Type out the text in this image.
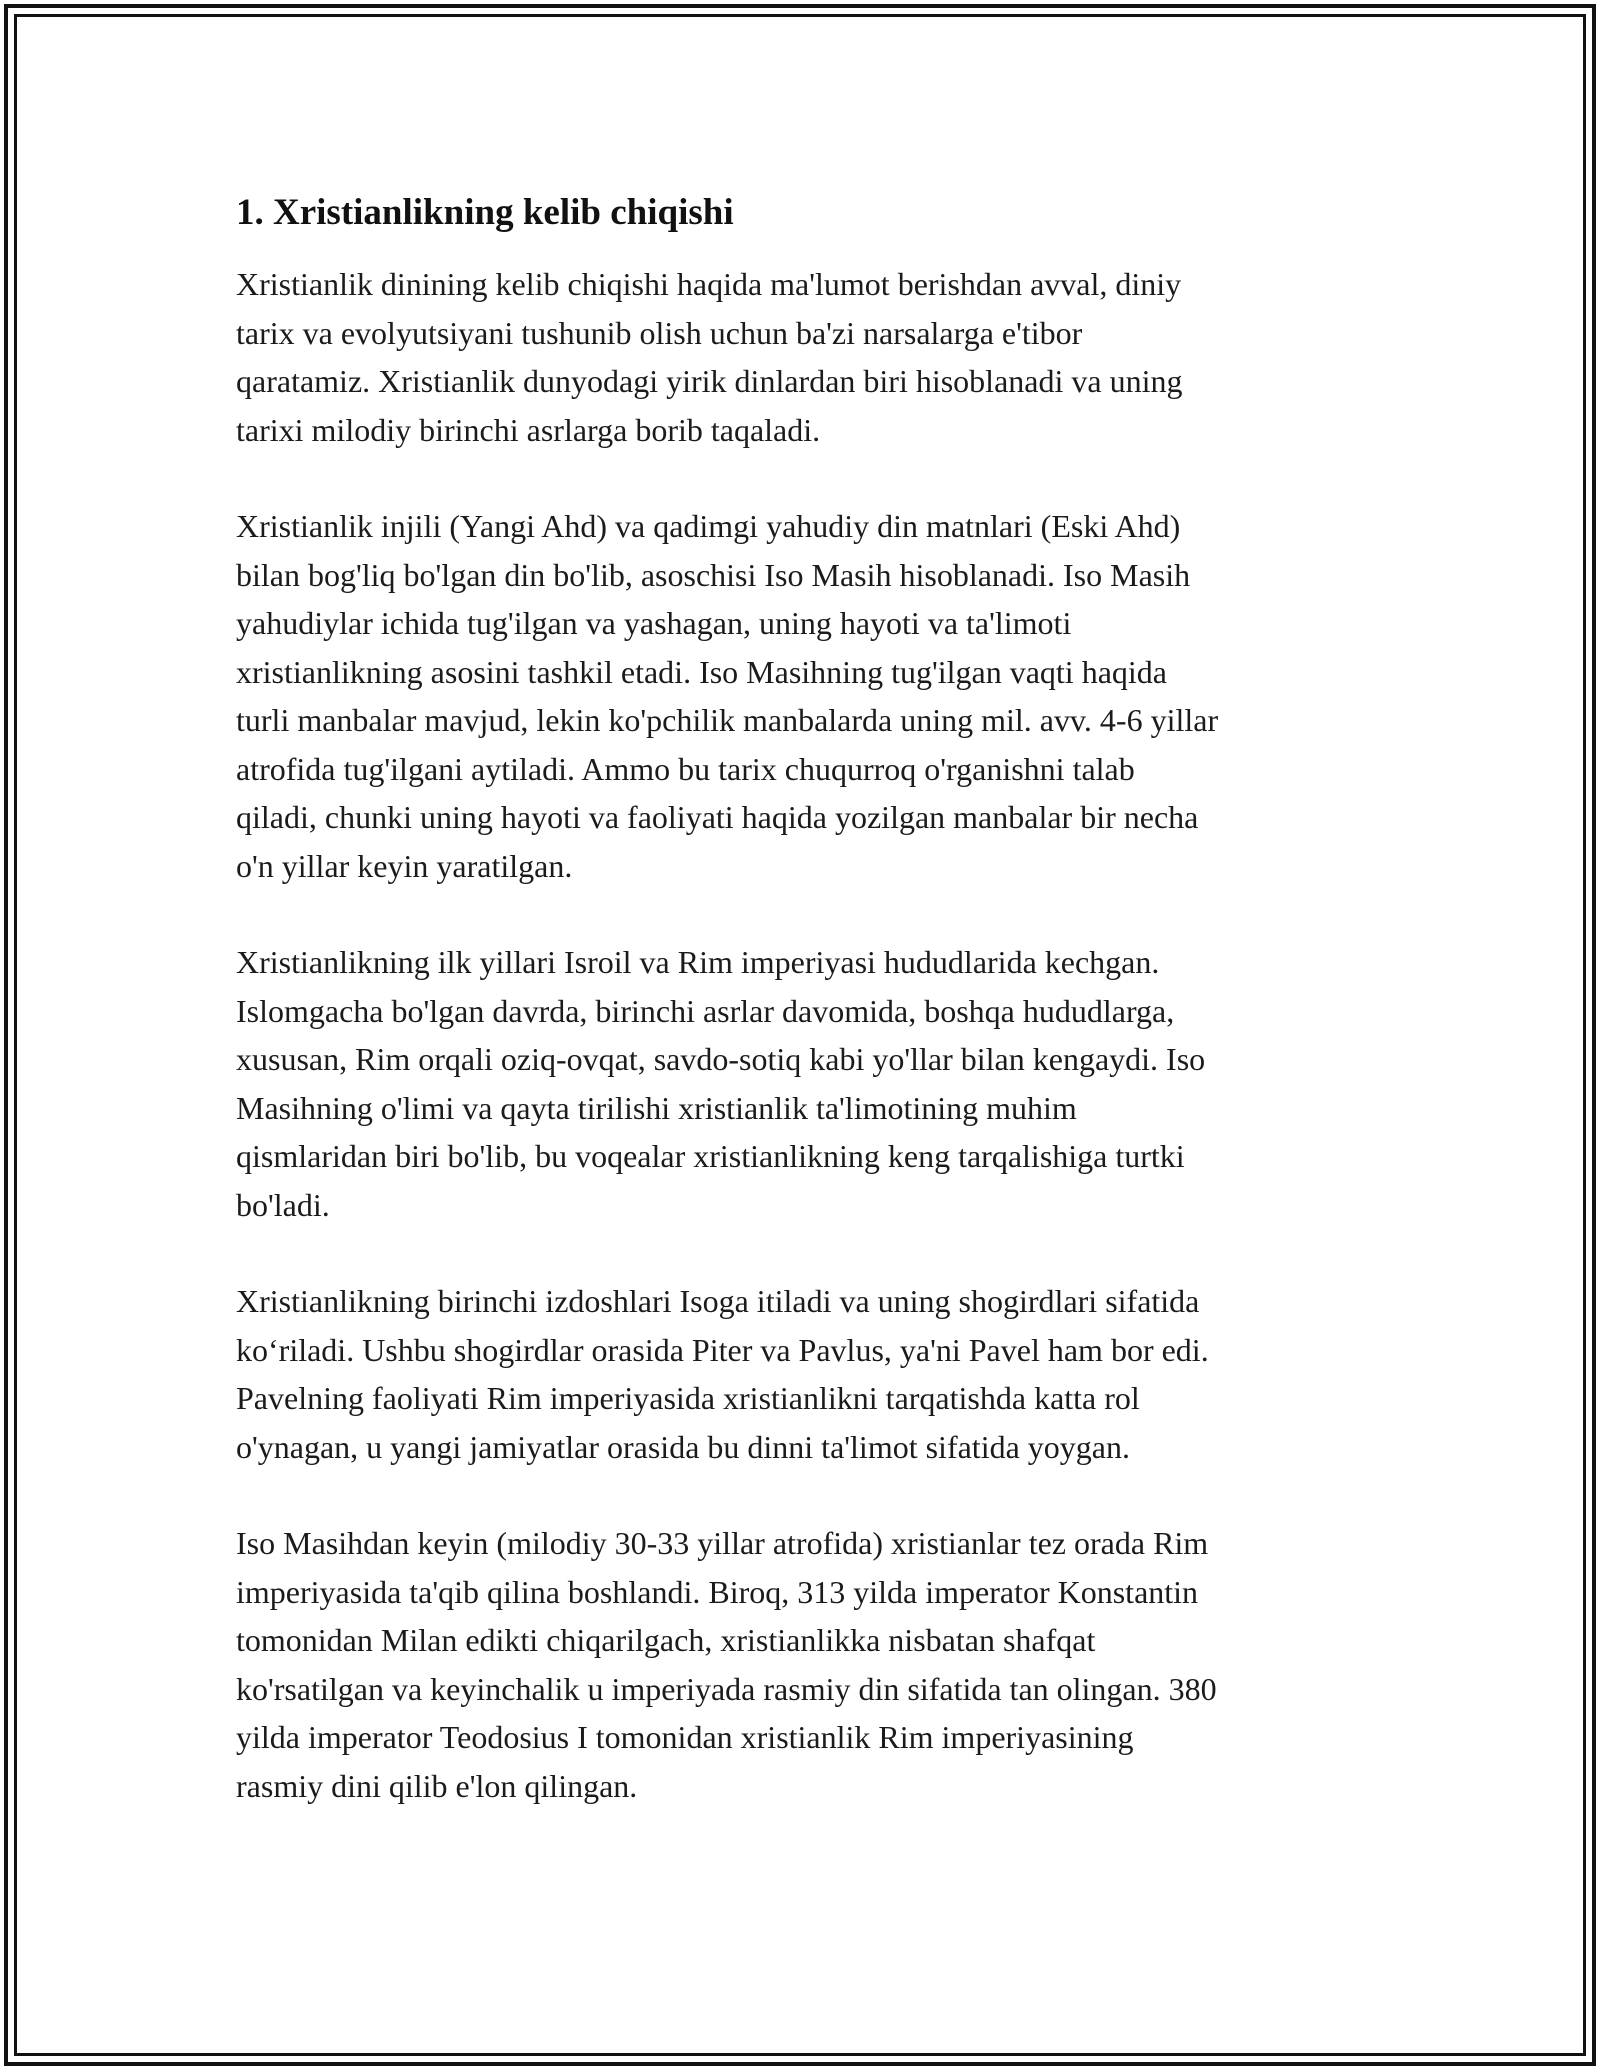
1. Xristianlikning kelib chiqishi

Xristianlik dinining kelib chiqishi haqida ma'lumot berishdan avval, diniy
tarix va evolyutsiyani tushunib olish uchun ba'zi narsalarga e'tibor
qaratamiz. Xristianlik dunyodagi yirik dinlardan biri hisoblanadi va uning
tarixi milodiy birinchi asrlarga borib taqaladi.

Xristianlik injili (Yangi Ahd) va qadimgi yahudiy din matnlari (Eski Ahd)
bilan bog'liq bo'lgan din bo'lib, asoschisi Iso Masih hisoblanadi. Iso Masih
yahudiylar ichida tug'ilgan va yashagan, uning hayoti va ta'limoti
xristianlikning asosini tashkil etadi. Iso Masihning tug'ilgan vaqti haqida
turli manbalar mavjud, lekin ko'pchilik manbalarda uning mil. avv. 4-6 yillar
atrofida tug'ilgani aytiladi. Ammo bu tarix chuqurroq o'rganishni talab
qiladi, chunki uning hayoti va faoliyati haqida yozilgan manbalar bir necha
o'n yillar keyin yaratilgan.

Xristianlikning ilk yillari Isroil va Rim imperiyasi hududlarida kechgan.
Islomgacha bo'lgan davrda, birinchi asrlar davomida, boshqa hududlarga,
xususan, Rim orqali oziq-ovqat, savdo-sotiq kabi yo'llar bilan kengaydi. Iso
Masihning o'limi va qayta tirilishi xristianlik ta'limotining muhim
qismlaridan biri bo'lib, bu voqealar xristianlikning keng tarqalishiga turtki
bo'ladi.

Xristianlikning birinchi izdoshlari Isoga itiladi va uning shogirdlari sifatida
ko‘riladi. Ushbu shogirdlar orasida Piter va Pavlus, ya'ni Pavel ham bor edi.
Pavelning faoliyati Rim imperiyasida xristianlikni tarqatishda katta rol
o'ynagan, u yangi jamiyatlar orasida bu dinni ta'limot sifatida yoygan.

Iso Masihdan keyin (milodiy 30-33 yillar atrofida) xristianlar tez orada Rim
imperiyasida ta'qib qilina boshlandi. Biroq, 313 yilda imperator Konstantin
tomonidan Milan edikti chiqarilgach, xristianlikka nisbatan shafqat
ko'rsatilgan va keyinchalik u imperiyada rasmiy din sifatida tan olingan. 380
yilda imperator Teodosius I tomonidan xristianlik Rim imperiyasining
rasmiy dini qilib e'lon qilingan.
